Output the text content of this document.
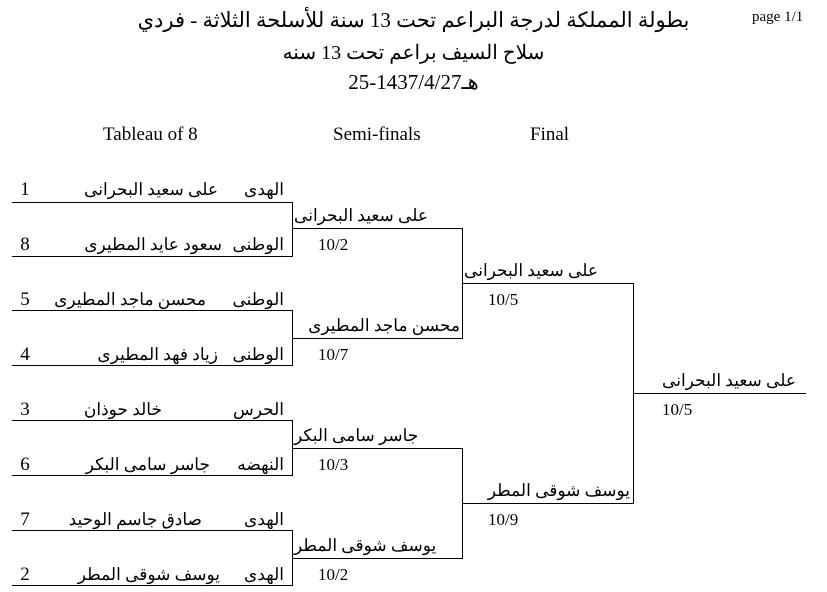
بطولة المملكة لدرجة البراعم تحت 13 سنة للأسلحة الثلاثة - فردي	page 1/1
سلاح السيف براعم تحت 13 سنه
25-1437/4/27هـ
Tableau of 8	Semi-finals	Final
1	على سعيد البحرانى	الهدى
8	سعود عايد المطيرى الوطنى
5	محسن ماجد المطيرى	الوطنى
4	زياد فهد المطيرى الوطنى
3	خالد حوذان	الحرس
6	جاسر سامى البكر	النهضه
7	صادق جاسم الوحيد	الهدى
2	يوسف شوقى المطر	الهدى
على سعيد البحرانى
10/2
محسن ماجد المطيرى
10/7
جاسر سامى البكر
10/3
يوسف شوقى المطر
10/2
على سعيد البحرانى
10/5
يوسف شوقى المطر
10/9
على سعيد البحرانى
10/5
